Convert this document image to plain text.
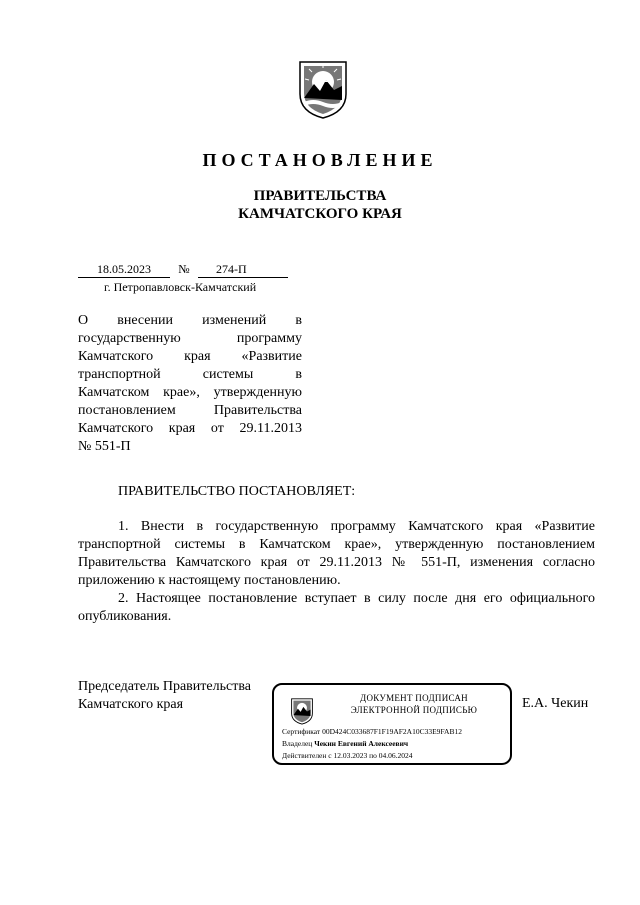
ПОСТАНОВЛЕНИЕ
ПРАВИТЕЛЬСТВА
КАМЧАТСКОГО КРАЯ
18.05.2023 № 274-П
г. Петропавловск-Камчатский
О внесении изменений в
государственную программу
Камчатского края «Развитие
транспортной системы в
Камчатском крае», утвержденную
постановлением Правительства
Камчатского края от 29.11.2013
№ 551-П
ПРАВИТЕЛЬСТВО ПОСТАНОВЛЯЕТ:
1. Внести в государственную программу Камчатского края «Развитие транспортной системы в Камчатском крае», утвержденную постановлением Правительства Камчатского края от 29.11.2013 № 551-П, изменения согласно приложению к настоящему постановлению.
2. Настоящее постановление вступает в силу после дня его официального опубликования.
Председатель Правительства
Камчатского края	ДОКУМЕНТ ПОДПИСАН
ЭЛЕКТРОННОЙ ПОДПИСЬЮ
Сертификат 00D424C033687F1F19AF2A10C33E9FAB12
Владелец Чекин Евгений Алексеевич
Действителен с 12.03.2023 по 04.06.2024
Е.А. Чекин
